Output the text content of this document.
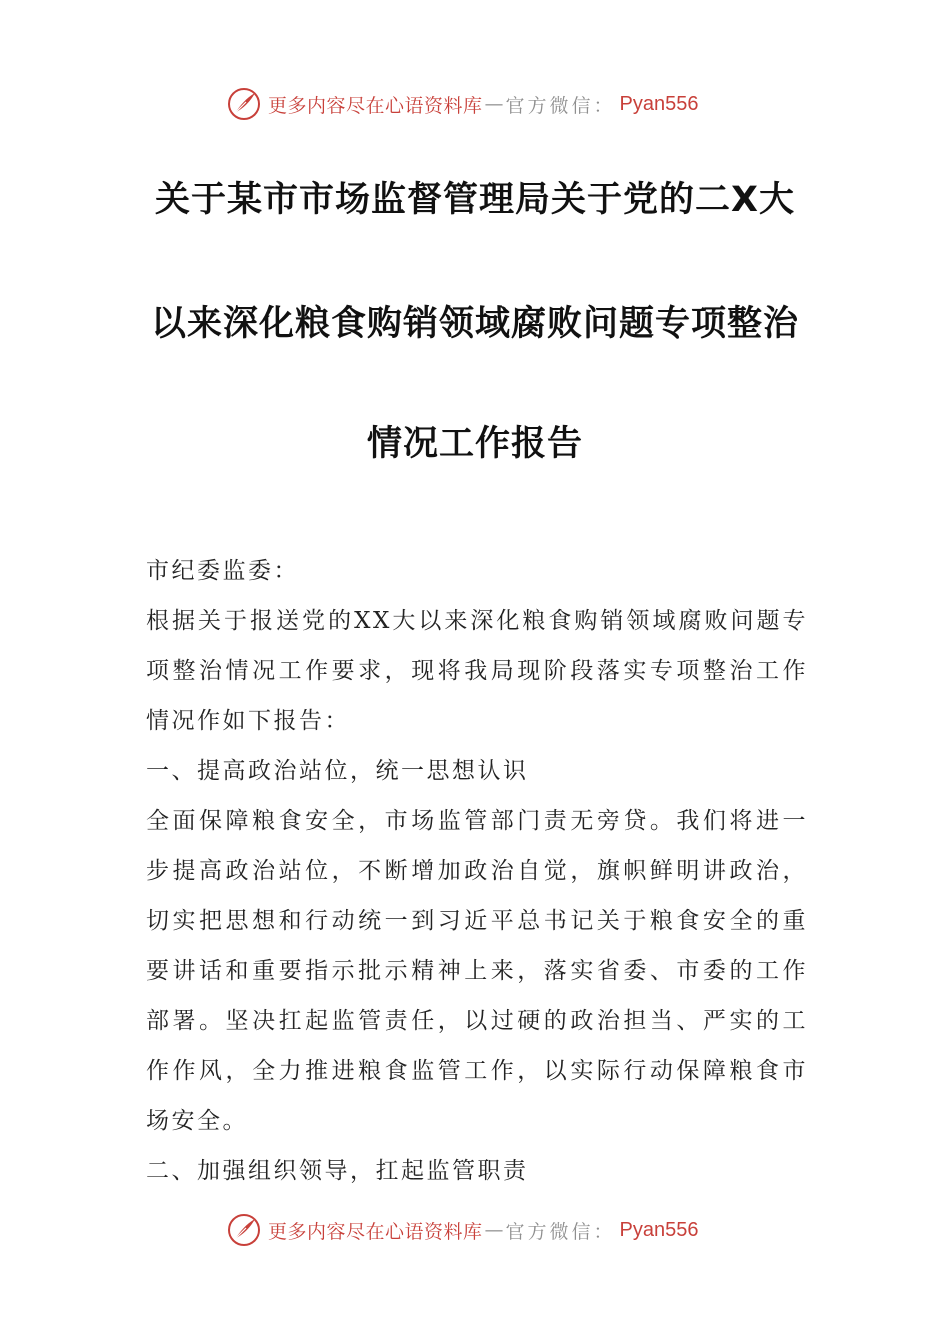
更多内容尽在心语资料库 — 官方微信： Pyan556
关于某市市场监督管理局关于党的二X大
以来深化粮食购销领域腐败问题专项整治
情况工作报告

市纪委监委：

根据关于报送党的XX大以来深化粮食购销领域腐败问题专项整治情况工作要求，现将我局现阶段落实专项整治工作情况作如下报告：

一、提高政治站位，统一思想认识

全面保障粮食安全，市场监管部门责无旁贷。我们将进一步提高政治站位，不断增加政治自觉，旗帜鲜明讲政治，切实把思想和行动统一到习近平总书记关于粮食安全的重要讲话和重要指示批示精神上来，落实省委、市委的工作部署。坚决扛起监管责任，以过硬的政治担当、严实的工作作风，全力推进粮食监管工作，以实际行动保障粮食市场安全。

二、加强组织领导，扛起监管职责

更多内容尽在心语资料库 — 官方微信： Pyan556
